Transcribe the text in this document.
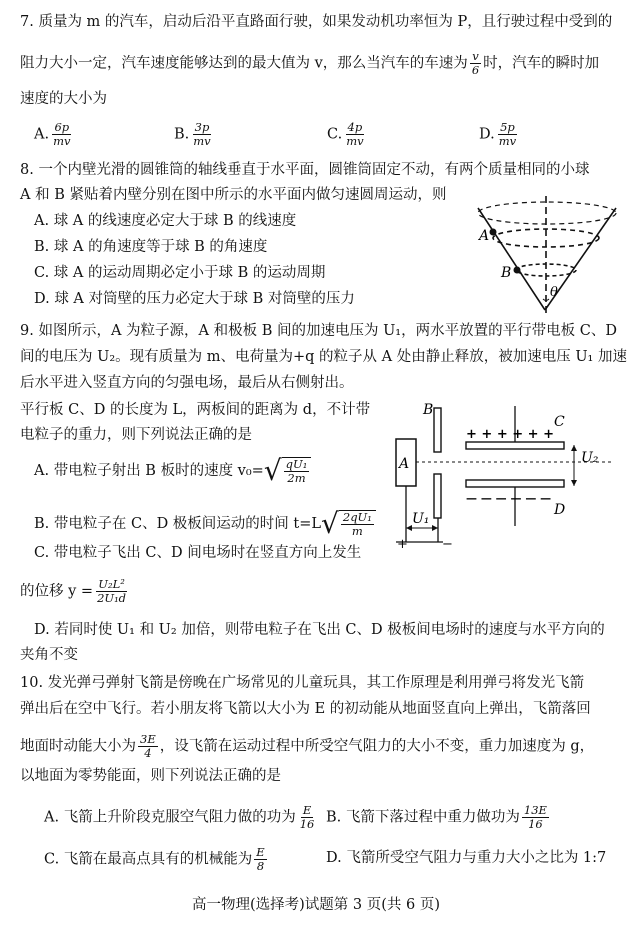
7. 质量为 m 的汽车，启动后沿平直路面行驶，如果发动机功率恒为 P，且行驶过程中受到的
阻力大小一定，汽车速度能够达到的最大值为 v，那么当汽车的车速为 $\frac{v}{6}$ 时，汽车的瞬时加
速度的大小为
A. $\frac{6p}{mv}$	B. $\frac{3p}{mv}$	C. $\frac{4p}{mv}$	D. $\frac{5p}{mv}$
8. 一个内壁光滑的圆锥筒的轴线垂直于水平面，圆锥筒固定不动，有两个质量相同的小球
A 和 B 紧贴着内壁分别在图中所示的水平面内做匀速圆周运动，则
A. 球 A 的线速度必定大于球 B 的线速度
B. 球 A 的角速度等于球 B 的角速度
C. 球 A 的运动周期必定小于球 B 的运动周期
D. 球 A 对筒壁的压力必定大于球 B 对筒壁的压力
A
B
θ
9. 如图所示，A 为粒子源，A 和极板 B 间的加速电压为 U₁，两水平放置的平行带电板 C、D
间的电压为 U₂。现有质量为 m、电荷量为+q 的粒子从 A 处由静止释放，被加速电压 U₁ 加速
后水平进入竖直方向的匀强电场，最后从右侧射出。
平行板 C、D 的长度为 L，两板间的距离为 d，不计带
电粒子的重力，则下列说法正确的是
A. 带电粒子射出 B 板时的速度 v₀= √ $\frac{\text{qU₁}}{2m}$
B. 带电粒子在 C、D 极板间运动的时间 t=L √ $\frac{\text{2qU₁}}{m}$
C. 带电粒子飞出 C、D 间电场时在竖直方向上发生
的位移 $y = \frac{\text{U₂L²}}{\text{2U₁d}}$
D. 若同时使 U₁ 和 U₂ 加倍，则带电粒子在飞出 C、D 极板间电场时的速度与水平方向的
夹角不变
A
B
+	−
U₁
+ + + + + +
— — — — — —
C
D
U₂
10. 发光弹弓弹射飞箭是傍晚在广场常见的儿童玩具，其工作原理是利用弹弓将发光飞箭
弹出后在空中飞行。若小朋友将飞箭以大小为 E 的初动能从地面竖直向上弹出，飞箭落回
地面时动能大小为 $\frac{3E}{4}$ ，设飞箭在运动过程中所受空气阻力的大小不变，重力加速度为 g，
以地面为零势能面，则下列说法正确的是
A. 飞箭上升阶段克服空气阻力做的功为 $\frac{E}{16} B$. 飞箭下落过程中重力做功为 $\frac{13E}{16}$
C. 飞箭在最高点具有的机械能为 $\frac{E}{8}$	D. 飞箭所受空气阻力与重力大小之比为 1:7
高一物理(选择考)试题第 3 页(共 6 页)
